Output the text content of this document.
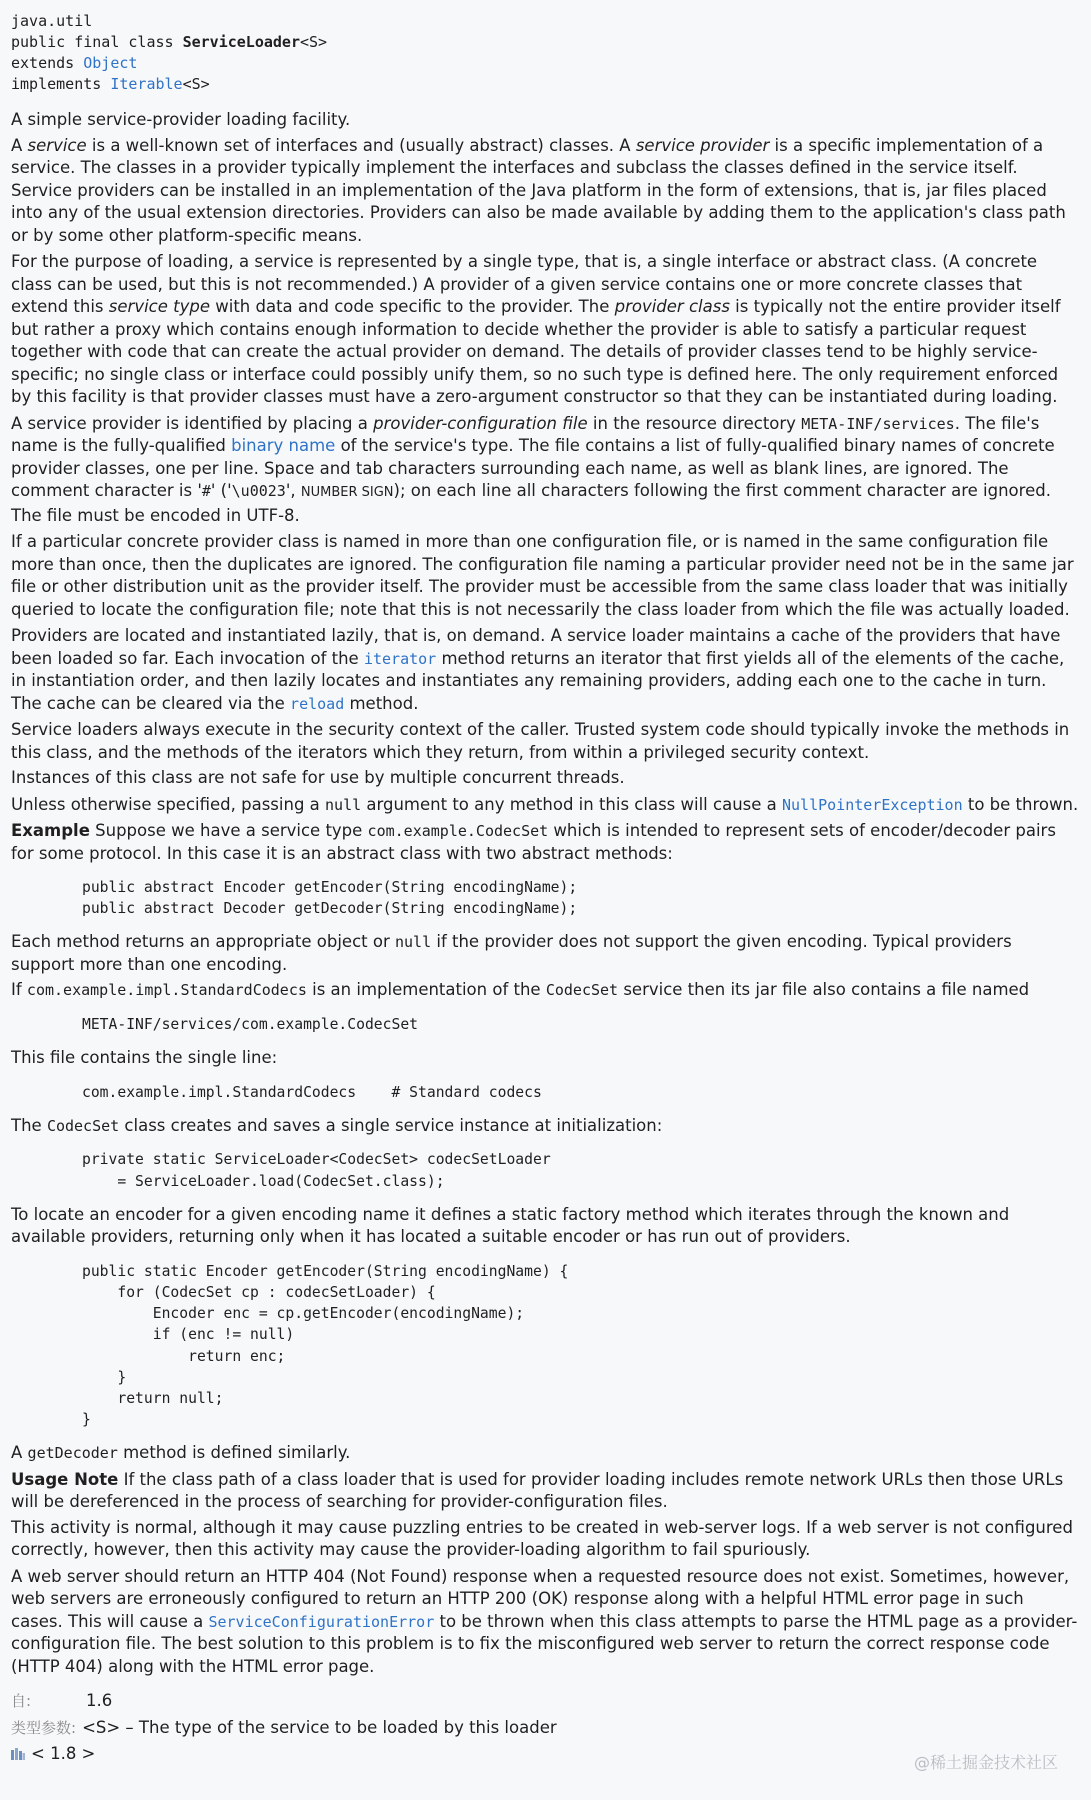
java.util
public final class ServiceLoader<S>
extends Object
implements Iterable<S>

A simple service-provider loading facility.

A service is a well-known set of interfaces and (usually abstract) classes. A service provider is a specific implementation of a service. The classes in a provider typically implement the interfaces and subclass the classes defined in the service itself. Service providers can be installed in an implementation of the Java platform in the form of extensions, that is, jar files placed into any of the usual extension directories. Providers can also be made available by adding them to the application's class path or by some other platform-specific means.

For the purpose of loading, a service is represented by a single type, that is, a single interface or abstract class. (A concrete class can be used, but this is not recommended.) A provider of a given service contains one or more concrete classes that extend this service type with data and code specific to the provider. The provider class is typically not the entire provider itself but rather a proxy which contains enough information to decide whether the provider is able to satisfy a particular request together with code that can create the actual provider on demand. The details of provider classes tend to be highly service-specific; no single class or interface could possibly unify them, so no such type is defined here. The only requirement enforced by this facility is that provider classes must have a zero-argument constructor so that they can be instantiated during loading.

A service provider is identified by placing a provider-configuration file in the resource directory META-INF/services. The file's name is the fully-qualified binary name of the service's type. The file contains a list of fully-qualified binary names of concrete provider classes, one per line. Space and tab characters surrounding each name, as well as blank lines, are ignored. The comment character is '#' ('\u0023', NUMBER SIGN); on each line all characters following the first comment character are ignored. The file must be encoded in UTF-8.

If a particular concrete provider class is named in more than one configuration file, or is named in the same configuration file more than once, then the duplicates are ignored. The configuration file naming a particular provider need not be in the same jar file or other distribution unit as the provider itself. The provider must be accessible from the same class loader that was initially queried to locate the configuration file; note that this is not necessarily the class loader from which the file was actually loaded.

Providers are located and instantiated lazily, that is, on demand. A service loader maintains a cache of the providers that have been loaded so far. Each invocation of the iterator method returns an iterator that first yields all of the elements of the cache, in instantiation order, and then lazily locates and instantiates any remaining providers, adding each one to the cache in turn. The cache can be cleared via the reload method.

Service loaders always execute in the security context of the caller. Trusted system code should typically invoke the methods in this class, and the methods of the iterators which they return, from within a privileged security context.

Instances of this class are not safe for use by multiple concurrent threads.

Unless otherwise specified, passing a null argument to any method in this class will cause a NullPointerException to be thrown.

Example Suppose we have a service type com.example.CodecSet which is intended to represent sets of encoder/decoder pairs for some protocol. In this case it is an abstract class with two abstract methods:

public abstract Encoder getEncoder(String encodingName);
public abstract Decoder getDecoder(String encodingName);

Each method returns an appropriate object or null if the provider does not support the given encoding. Typical providers support more than one encoding.

If com.example.impl.StandardCodecs is an implementation of the CodecSet service then its jar file also contains a file named

META-INF/services/com.example.CodecSet

This file contains the single line:

com.example.impl.StandardCodecs    # Standard codecs

The CodecSet class creates and saves a single service instance at initialization:

private static ServiceLoader<CodecSet> codecSetLoader
= ServiceLoader.load(CodecSet.class);

To locate an encoder for a given encoding name it defines a static factory method which iterates through the known and available providers, returning only when it has located a suitable encoder or has run out of providers.

public static Encoder getEncoder(String encodingName) {
for (CodecSet cp : codecSetLoader) {
Encoder enc = cp.getEncoder(encodingName);
if (enc != null)
return enc;
}
return null;
}

A getDecoder method is defined similarly.

Usage Note If the class path of a class loader that is used for provider loading includes remote network URLs then those URLs will be dereferenced in the process of searching for provider-configuration files.

This activity is normal, although it may cause puzzling entries to be created in web-server logs. If a web server is not configured correctly, however, then this activity may cause the provider-loading algorithm to fail spuriously.

A web server should return an HTTP 404 (Not Found) response when a requested resource does not exist. Sometimes, however, web servers are erroneously configured to return an HTTP 200 (OK) response along with a helpful HTML error page in such cases. This will cause a ServiceConfigurationError to be thrown when this class attempts to parse the HTML page as a provider-configuration file. The best solution to this problem is to fix the misconfigured web server to return the correct response code (HTTP 404) along with the HTML error page.

自:	1.6
类型参数: <S> – The type of the service to be loaded by this loader
< 1.8 >	@稀土掘金技术社区
